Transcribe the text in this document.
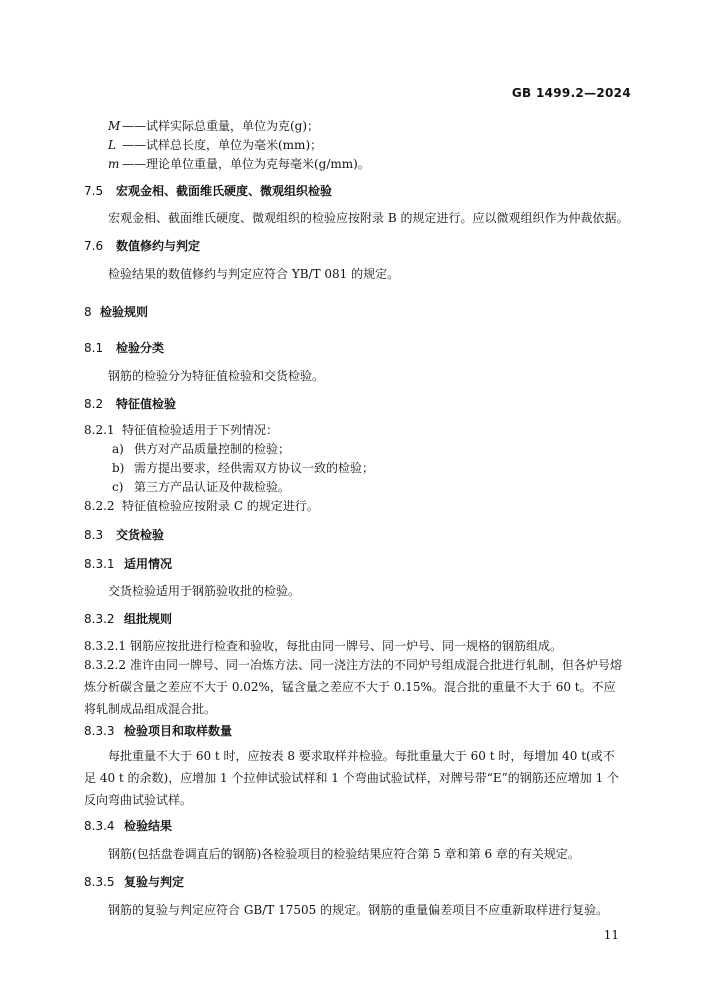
GB 1499.2—2024
M ——试样实际总重量，单位为克(g)；
L ——试样总长度，单位为毫米(mm)；
m ——理论单位重量，单位为克每毫米(g/mm)。
7.5 宏观金相、截面维氏硬度、微观组织检验
宏观金相、截面维氏硬度、微观组织的检验应按附录 B 的规定进行。应以微观组织作为仲裁依据。
7.6 数值修约与判定
检验结果的数值修约与判定应符合 YB/T 081 的规定。
8 检验规则
8.1 检验分类
钢筋的检验分为特征值检验和交货检验。
8.2 特征值检验
8.2.1 特征值检验适用于下列情况：
a) 供方对产品质量控制的检验；
b) 需方提出要求，经供需双方协议一致的检验；
c) 第三方产品认证及仲裁检验。
8.2.2 特征值检验应按附录 C 的规定进行。
8.3 交货检验
8.3.1 适用情况
交货检验适用于钢筋验收批的检验。
8.3.2 组批规则
8.3.2.1 钢筋应按批进行检查和验收，每批由同一牌号、同一炉号、同一规格的钢筋组成。
8.3.2.2 准许由同一牌号、同一冶炼方法、同一浇注方法的不同炉号组成混合批进行轧制，但各炉号熔炼分析碳含量之差应不大于 0.02%，锰含量之差应不大于 0.15%。混合批的重量不大于 60 t。不应将轧制成品组成混合批。
8.3.3 检验项目和取样数量
每批重量不大于 60 t 时，应按表 8 要求取样并检验。每批重量大于 60 t 时，每增加 40 t(或不足 40 t 的余数)，应增加 1 个拉伸试验试样和 1 个弯曲试验试样，对牌号带“E”的钢筋还应增加 1 个反向弯曲试验试样。
8.3.4 检验结果
钢筋(包括盘卷调直后的钢筋)各检验项目的检验结果应符合第 5 章和第 6 章的有关规定。
8.3.5 复验与判定
钢筋的复验与判定应符合 GB/T 17505 的规定。钢筋的重量偏差项目不应重新取样进行复验。
11
